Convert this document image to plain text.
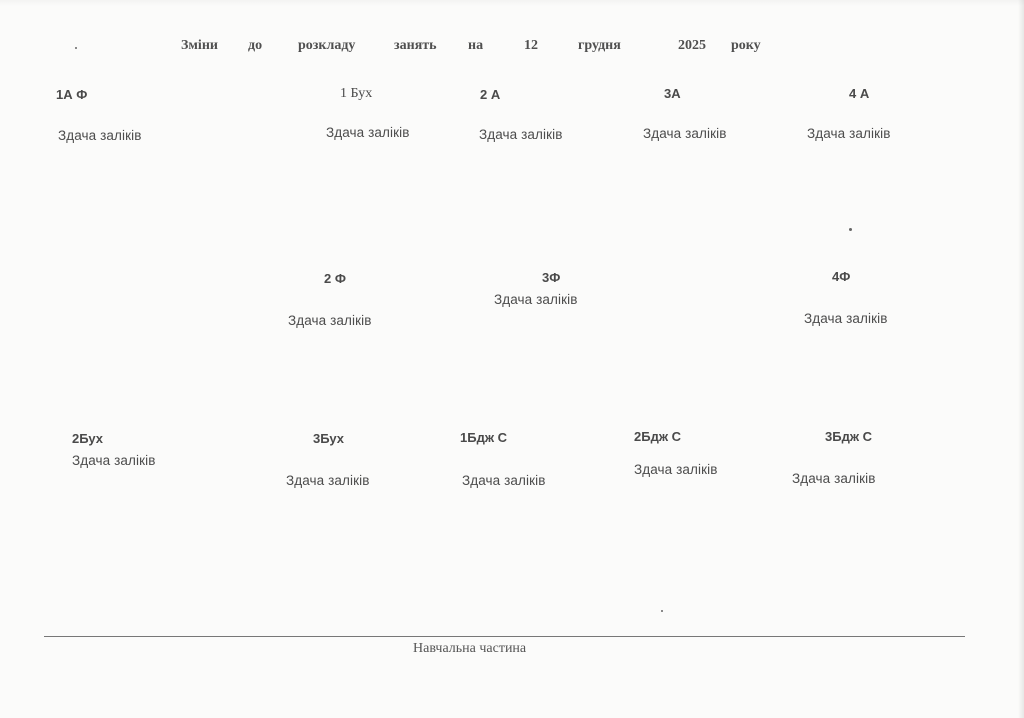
Зміни до	розкладу	занять на	12	грудня	2025 року
1А Ф
Здача заліків
1 Бух
Здача заліків
2 А
Здача заліків
3А
Здача заліків
4 А
Здача заліків
2 Ф
Здача заліків
3Ф
Здача заліків
4Ф
Здача заліків
2Бух
Здача заліків
3Бух
Здача заліків
1Бдж С
Здача заліків
2Бдж С
Здача заліків
3Бдж С
Здача заліків
Навчальна частина
